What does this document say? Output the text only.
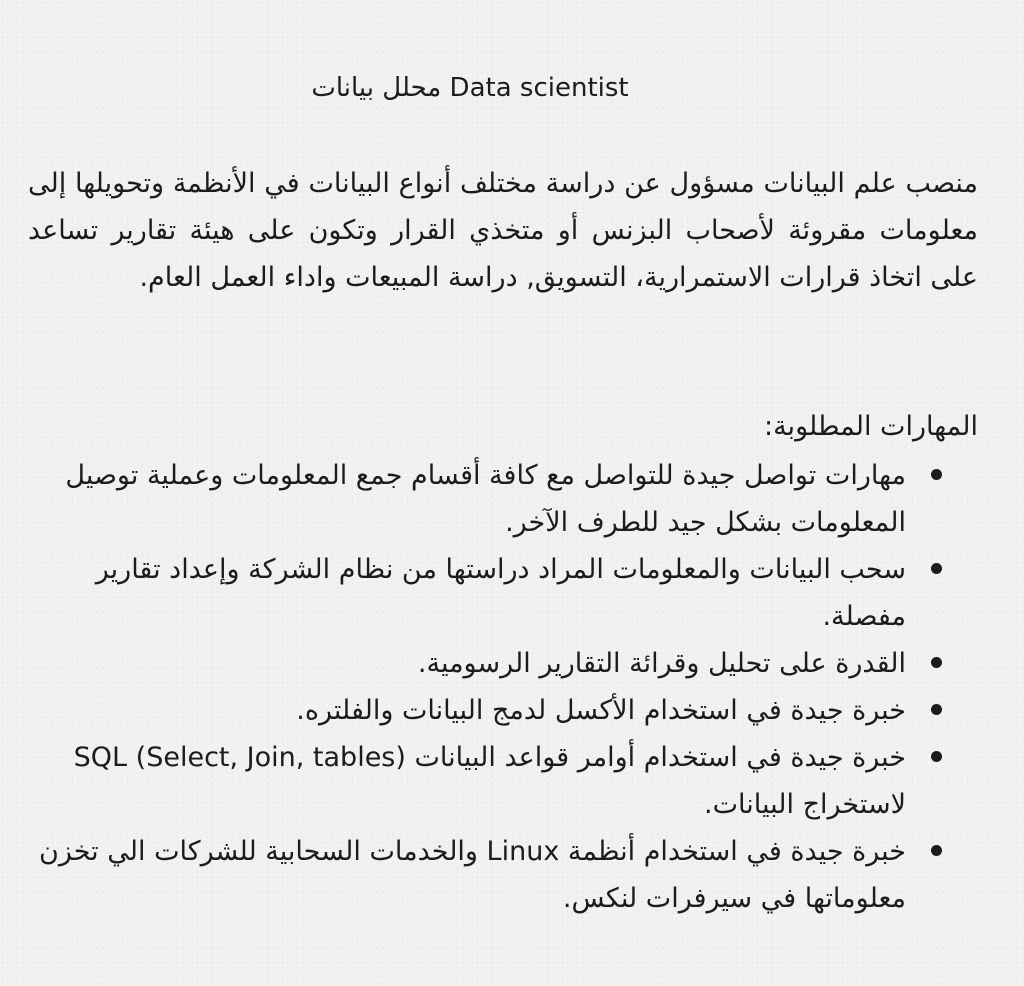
محلل بيانات Data scientist

منصب علم البيانات مسؤول عن دراسة مختلف أنواع البيانات في الأنظمة وتحويلها إلى معلومات مقروئة لأصحاب البزنس أو متخذي القرار وتكون على هيئة تقارير تساعد على اتخاذ قرارات الاستمرارية، التسويق, دراسة المبيعات واداء العمل العام.

المهارات المطلوبة:
مهارات تواصل جيدة للتواصل مع كافة أقسام جمع المعلومات وعملية توصيل المعلومات بشكل جيد للطرف الآخر.
سحب البيانات والمعلومات المراد دراستها من نظام الشركة وإعداد تقارير مفصلة.
القدرة على تحليل وقرائة التقارير الرسومية.
خبرة جيدة في استخدام الأكسل لدمج البيانات والفلتره.
خبرة جيدة في استخدام أوامر قواعد البيانات SQL (Select, Join, tables) لاستخراج البيانات.
خبرة جيدة في استخدام أنظمة Linux والخدمات السحابية للشركات الي تخزن معلوماتها في سيرفرات لنكس.
